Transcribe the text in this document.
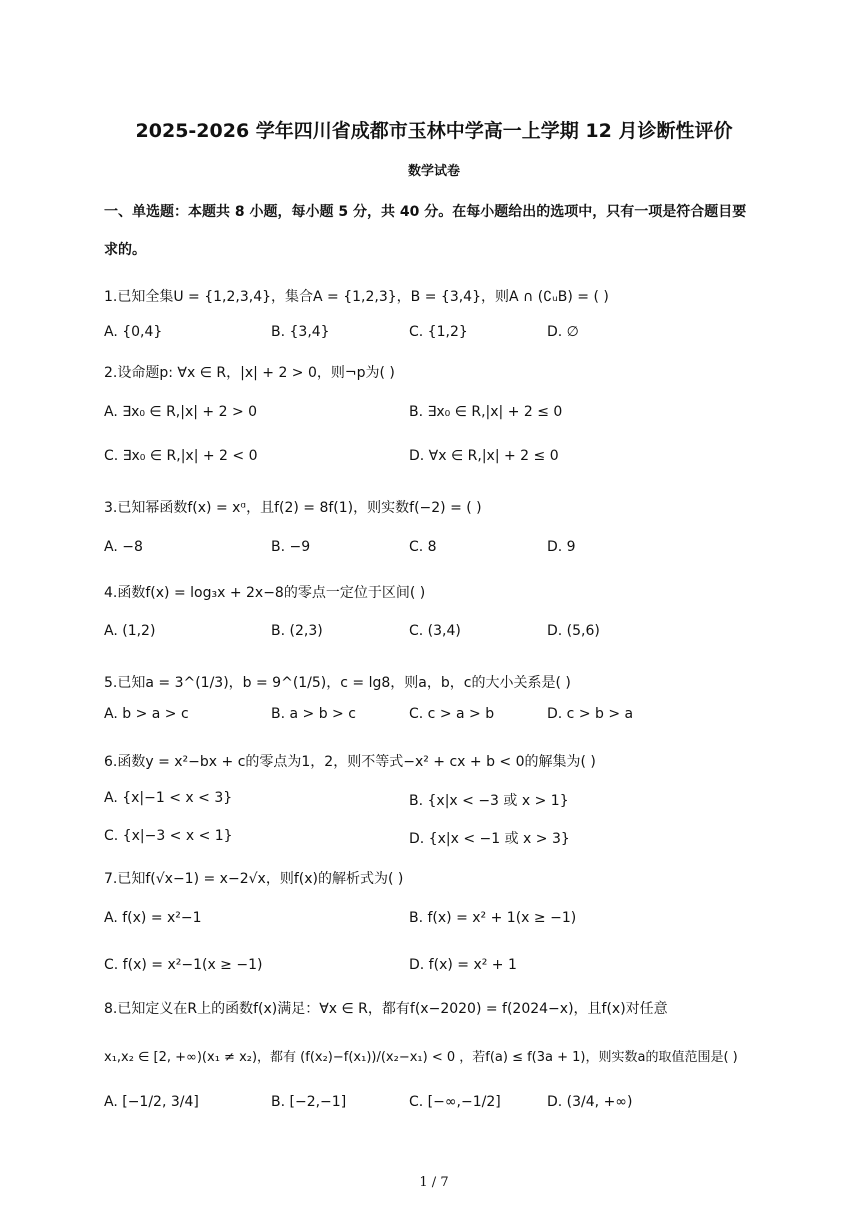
2025-2026 学年四川省成都市玉林中学高一上学期 12 月诊断性评价
数学试卷
一、单选题：本题共 8 小题，每小题 5 分，共 40 分。在每小题给出的选项中，只有一项是符合题目要
求的。
1.已知全集U = {1,2,3,4}，集合A = {1,2,3}，B = {3,4}，则A ∩ (∁ᵤB) = ( )
A. {0,4}	B. {3,4}	C. {1,2}	D. ∅
2.设命题p: ∀x ∈ R，|x| + 2 > 0，则¬p为( )
A. ∃x₀ ∈ R,|x| + 2 > 0	B. ∃x₀ ∈ R,|x| + 2 ≤ 0
C. ∃x₀ ∈ R,|x| + 2 < 0	D. ∀x ∈ R,|x| + 2 ≤ 0
3.已知幂函数f(x) = xᵅ，且f(2) = 8f(1)，则实数f(−2) = ( )
A. −8	B. −9	C. 8	D. 9
4.函数f(x) = log₃x + 2x−8的零点一定位于区间( )
A. (1,2)	B. (2,3)	C. (3,4)	D. (5,6)
5.已知a = 3^(1/3)，b = 9^(1/5)，c = lg8，则a，b，c的大小关系是( )
A. b > a > c	B. a > b > c	C. c > a > b	D. c > b > a
6.函数y = x²−bx + c的零点为1，2，则不等式−x² + cx + b < 0的解集为( )
A. {x|−1 < x < 3}	B. {x|x < −3 或 x > 1}
C. {x|−3 < x < 1}	D. {x|x < −1 或 x > 3}
7.已知f(√x−1) = x−2√x，则f(x)的解析式为( )
A. f(x) = x²−1	B. f(x) = x² + 1(x ≥ −1)
C. f(x) = x²−1(x ≥ −1)	D. f(x) = x² + 1
8.已知定义在R上的函数f(x)满足：∀x ∈ R，都有f(x−2020) = f(2024−x)，且f(x)对任意
x₁,x₂ ∈ [2, +∞)(x₁ ≠ x₂)，都有 (f(x₂)−f(x₁))/(x₂−x₁) < 0 ，若f(a) ≤ f(3a + 1)，则实数a的取值范围是( )
A. [−1/2, 3/4]	B. [−2,−1]	C. [−∞,−1/2]	D. (3/4, +∞)
1 / 7
